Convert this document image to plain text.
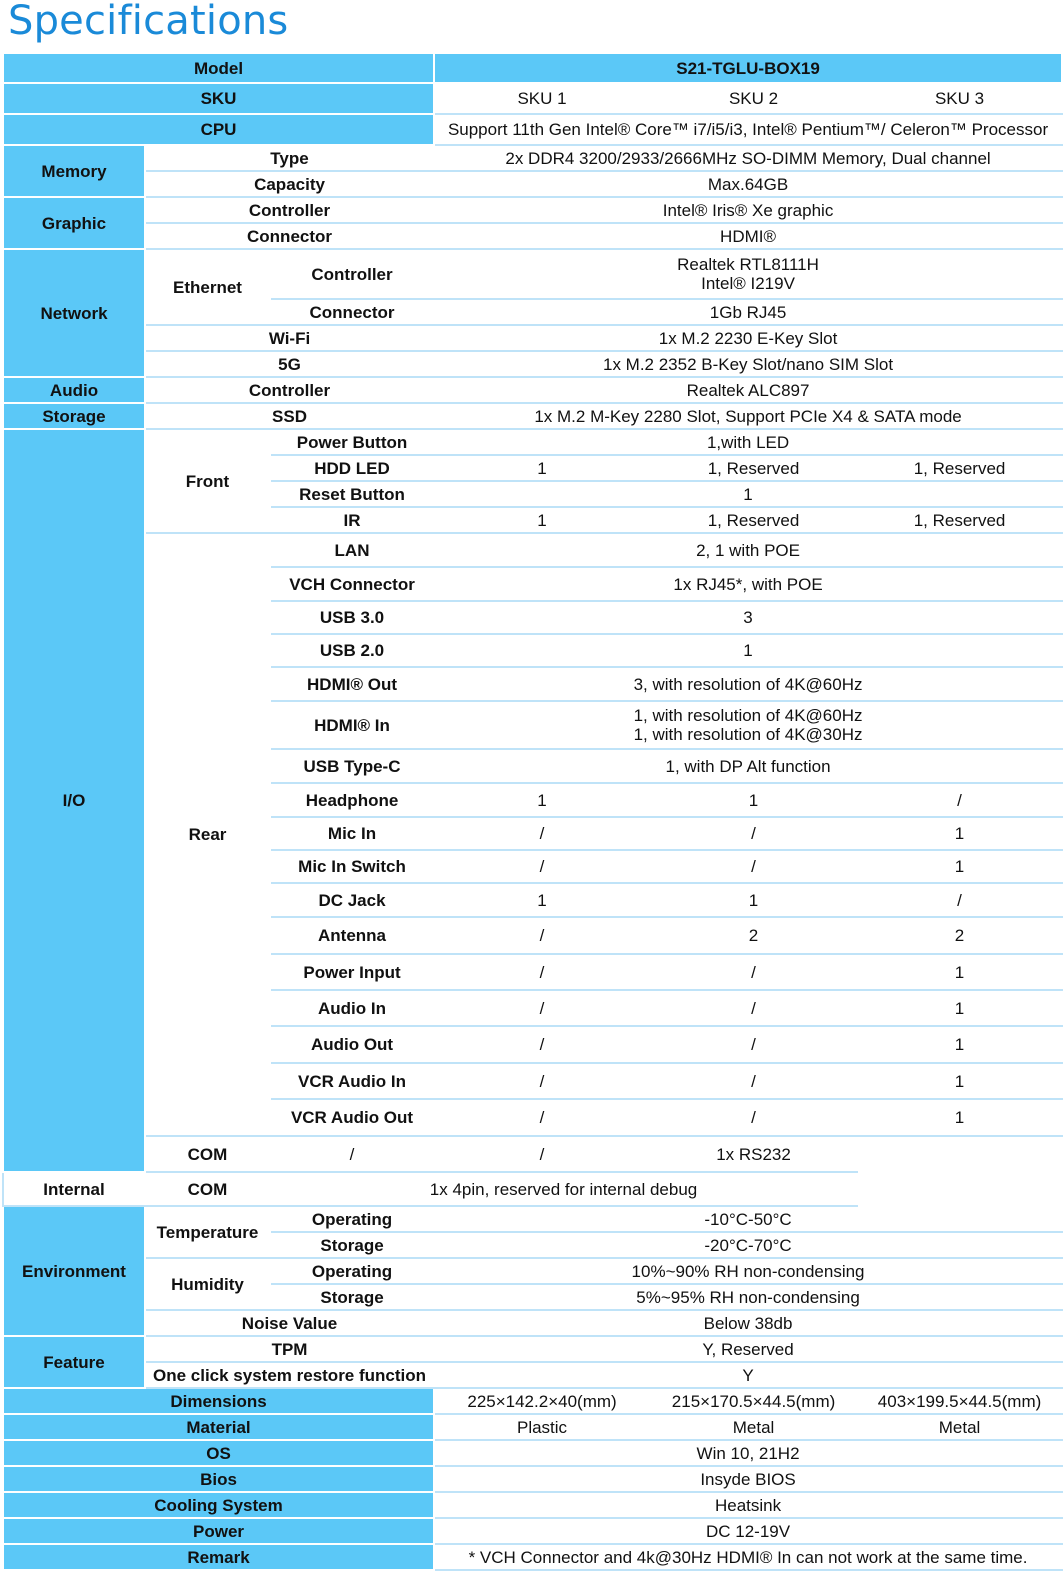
Specifications
Model			S21-TGLU-BOX19		
SKU			SKU 1	SKU 2	SKU 3
CPU			Support 11th Gen Intel® Core™ i7/i5/i3, Intel® Pentium™/ Celeron™ Processor		
Memory	Type		2x DDR4 3200/2933/2666MHz SO-DIMM Memory, Dual channel		
	Capacity		Max.64GB		
Graphic	Controller		Intel® Iris® Xe graphic		
	Connector		HDMI®		
Network	Ethernet	Controller	Realtek RTL8111H
Intel® I219V		
		Connector	1Gb RJ45		
	Wi-Fi		1x M.2 2230 E-Key Slot		
	5G		1x M.2 2352 B-Key Slot/nano SIM Slot		
Audio	Controller		Realtek ALC897		
Storage	SSD		1x M.2 M-Key 2280 Slot, Support PCIe X4 & SATA mode		
I/O	Front	Power Button	1,with LED		
		HDD LED	1	1, Reserved	1, Reserved
		Reset Button	1		
		IR	1	1, Reserved	1, Reserved
	Rear	LAN	2, 1 with POE		
		VCH Connector	1x RJ45*, with POE		
		USB 3.0	3		
		USB 2.0	1		
		HDMI® Out	3, with resolution of 4K@60Hz		
		HDMI® In	1, with resolution of 4K@60Hz
1, with resolution of 4K@30Hz		
		USB Type-C	1, with DP Alt function		
		Headphone	1	1	/
		Mic In	/	/	1
		Mic In Switch	/	/	1
		DC Jack	1	1	/
		Antenna	/	2	2
		Power Input	/	/	1
		Audio In	/	/	1
		Audio Out	/	/	1
		VCR Audio In	/	/	1
		VCR Audio Out	/	/	1
	COM	/	/	1x RS232	
Internal	COM	1x 4pin, reserved for internal debug			
Environment	Temperature	Operating	-10°C-50°C		
		Storage	-20°C-70°C		
	Humidity	Operating	10%~90% RH non-condensing		
		Storage	5%~95% RH non-condensing		
	Noise Value		Below 38db		
Feature	TPM		Y, Reserved		
	One click system restore function		Y		
Dimensions			225×142.2×40(mm)	215×170.5×44.5(mm)	403×199.5×44.5(mm)
Material			Plastic	Metal	Metal
OS			Win 10, 21H2		
Bios			Insyde BIOS		
Cooling System			Heatsink		
Power			DC 12-19V		
Remark			* VCH Connector and 4k@30Hz HDMI® In can not work at the same time.		
